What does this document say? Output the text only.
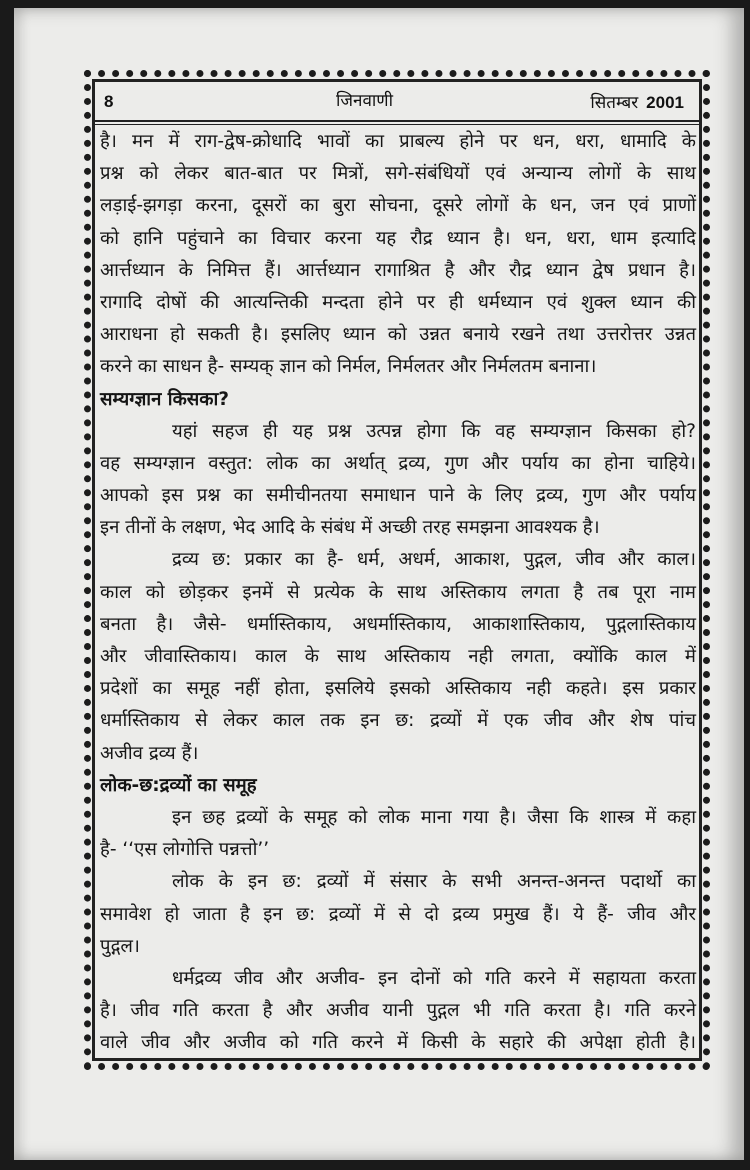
8	जिनवाणी	सितम्बर 2001
है। मन में राग-द्वेष-क्रोधादि भावों का प्राबल्य होने पर धन, धरा, धामादि के
प्रश्न को लेकर बात-बात पर मित्रों, सगे-संबंधियों एवं अन्यान्य लोगों के साथ
लड़ाई-झगड़ा करना, दूसरों का बुरा सोचना, दूसरे लोगों के धन, जन एवं प्राणों
को हानि पहुंचाने का विचार करना यह रौद्र ध्यान है। धन, धरा, धाम इत्यादि
आर्त्तध्यान के निमित्त हैं। आर्त्तध्यान रागाश्रित है और रौद्र ध्यान द्वेष प्रधान है।
रागादि दोषों की आत्यन्तिकी मन्दता होने पर ही धर्मध्यान एवं शुक्ल ध्यान की
आराधना हो सकती है। इसलिए ध्यान को उन्नत बनाये रखने तथा उत्तरोत्तर उन्नत
करने का साधन है- सम्यक् ज्ञान को निर्मल, निर्मलतर और निर्मलतम बनाना।
सम्यग्ज्ञान किसका?
यहां सहज ही यह प्रश्न उत्पन्न होगा कि वह सम्यग्ज्ञान किसका हो?
वह सम्यग्ज्ञान वस्तुत: लोक का अर्थात् द्रव्य, गुण और पर्याय का होना चाहिये।
आपको इस प्रश्न का समीचीनतया समाधान पाने के लिए द्रव्य, गुण और पर्याय
इन तीनों के लक्षण, भेद आदि के संबंध में अच्छी तरह समझना आवश्यक है।
द्रव्य छ: प्रकार का है- धर्म, अधर्म, आकाश, पुद्गल, जीव और काल।
काल को छोड़कर इनमें से प्रत्येक के साथ अस्तिकाय लगता है तब पूरा नाम
बनता है। जैसे- धर्मास्तिकाय, अधर्मास्तिकाय, आकाशास्तिकाय, पुद्गलास्तिकाय
और जीवास्तिकाय। काल के साथ अस्तिकाय नही लगता, क्योंकि काल में
प्रदेशों का समूह नहीं होता, इसलिये इसको अस्तिकाय नही कहते। इस प्रकार
धर्मास्तिकाय से लेकर काल तक इन छ: द्रव्यों में एक जीव और शेष पांच
अजीव द्रव्य हैं।
लोक-छ:द्रव्यों का समूह
इन छह द्रव्यों के समूह को लोक माना गया है। जैसा कि शास्त्र में कहा
है- ‘‘एस लोगोत्ति पन्नत्तो’’
लोक के इन छ: द्रव्यों में संसार के सभी अनन्त-अनन्त पदार्थो का
समावेश हो जाता है इन छ: द्रव्यों में से दो द्रव्य प्रमुख हैं। ये हैं- जीव और
पुद्गल।
धर्मद्रव्य जीव और अजीव- इन दोनों को गति करने में सहायता करता
है। जीव गति करता है और अजीव यानी पुद्गल भी गति करता है। गति करने
वाले जीव और अजीव को गति करने में किसी के सहारे की अपेक्षा होती है।
